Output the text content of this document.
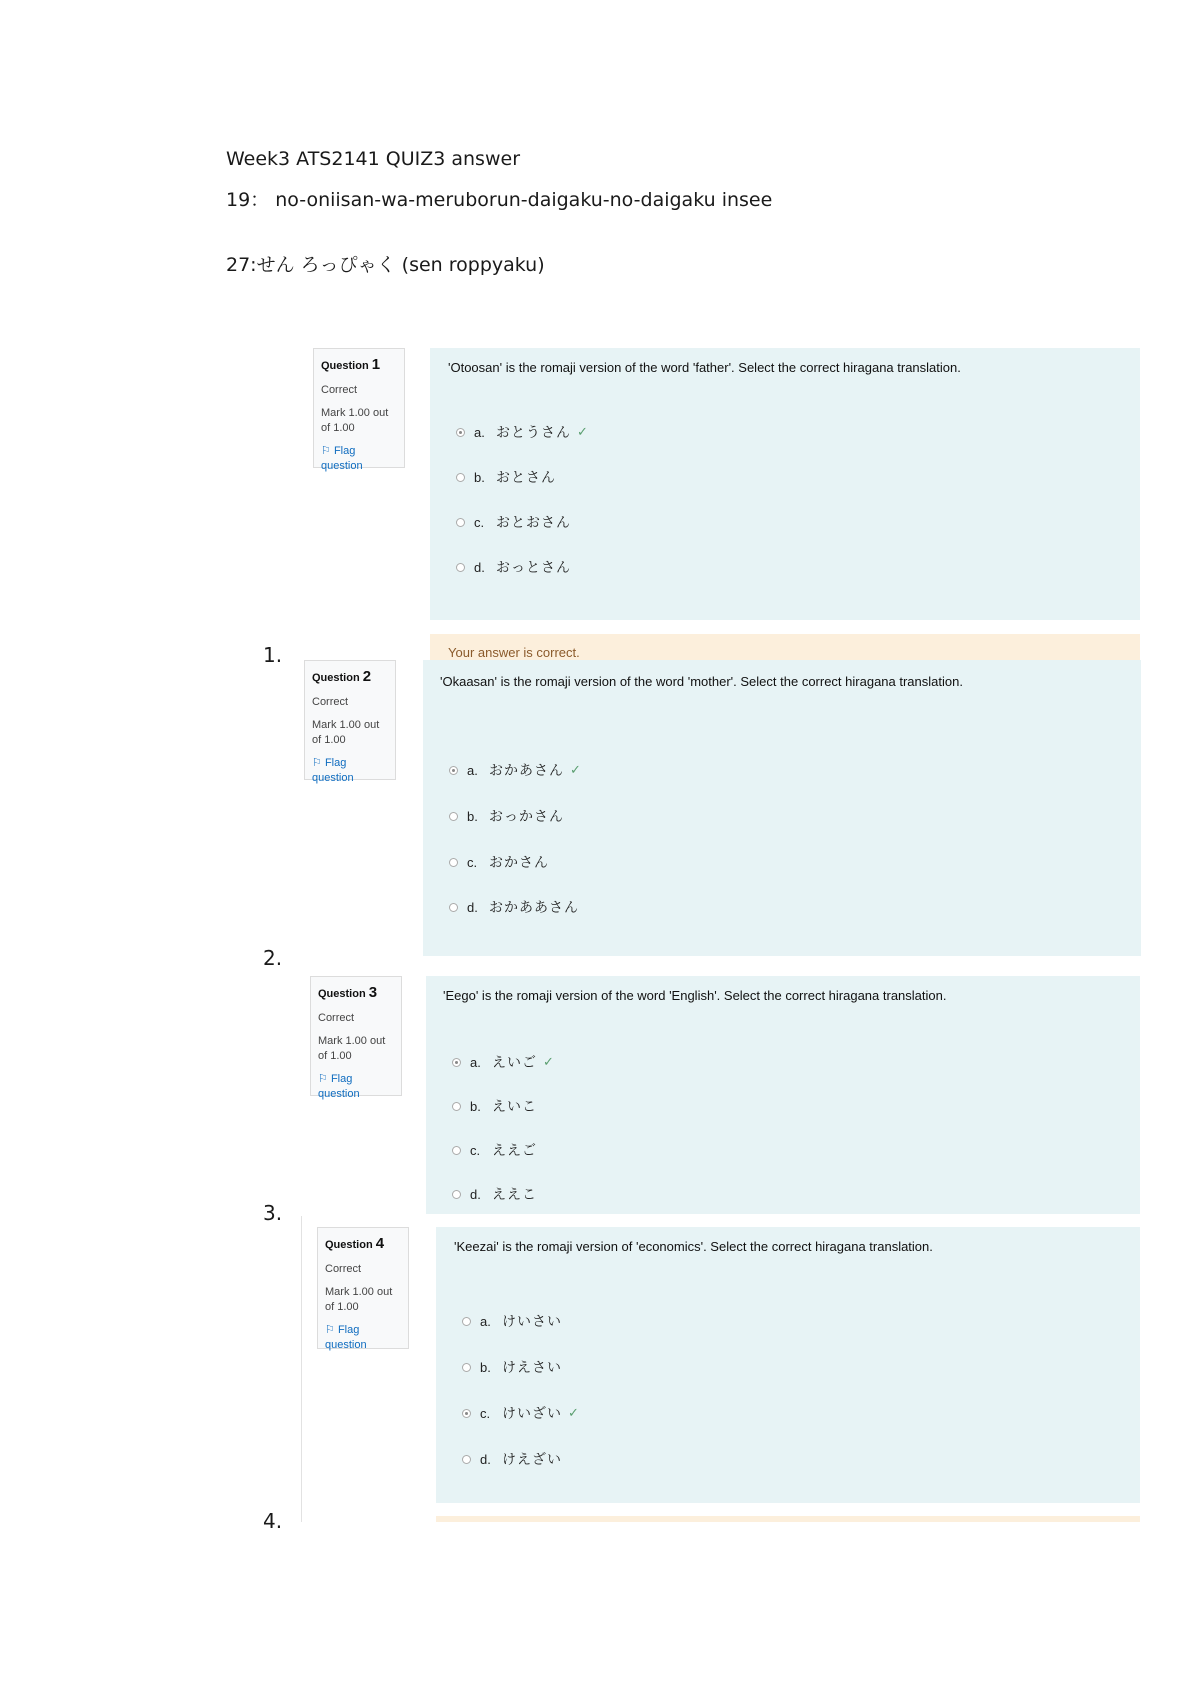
Week3 ATS2141 QUIZ3 answer
19： no-oniisan-wa-meruborun-daigaku-no-daigaku insee
27:せん ろっぴゃく (sen roppyaku)
Question 1
Correct
Mark 1.00 out of 1.00
⚐ Flag question
'Otoosan' is the romaji version of the word 'father'. Select the correct hiragana translation.
a. おとうさん ✓
b. おとさん
c. おとおさん
d. おっとさん
Your answer is correct.
1.
Question 2
Correct
Mark 1.00 out of 1.00
⚐ Flag question
'Okaasan' is the romaji version of the word 'mother'. Select the correct hiragana translation.
a. おかあさん ✓
b. おっかさん
c. おかさん
d. おかああさん
2.
Question 3
Correct
Mark 1.00 out of 1.00
⚐ Flag question
'Eego' is the romaji version of the word 'English'. Select the correct hiragana translation.
a. えいご ✓
b. えいこ
c. ええご
d. ええこ
3.
Question 4
Correct
Mark 1.00 out of 1.00
⚐ Flag question
'Keezai' is the romaji version of 'economics'. Select the correct hiragana translation.
a. けいさい
b. けえさい
c. けいざい ✓
d. けえざい
4.
